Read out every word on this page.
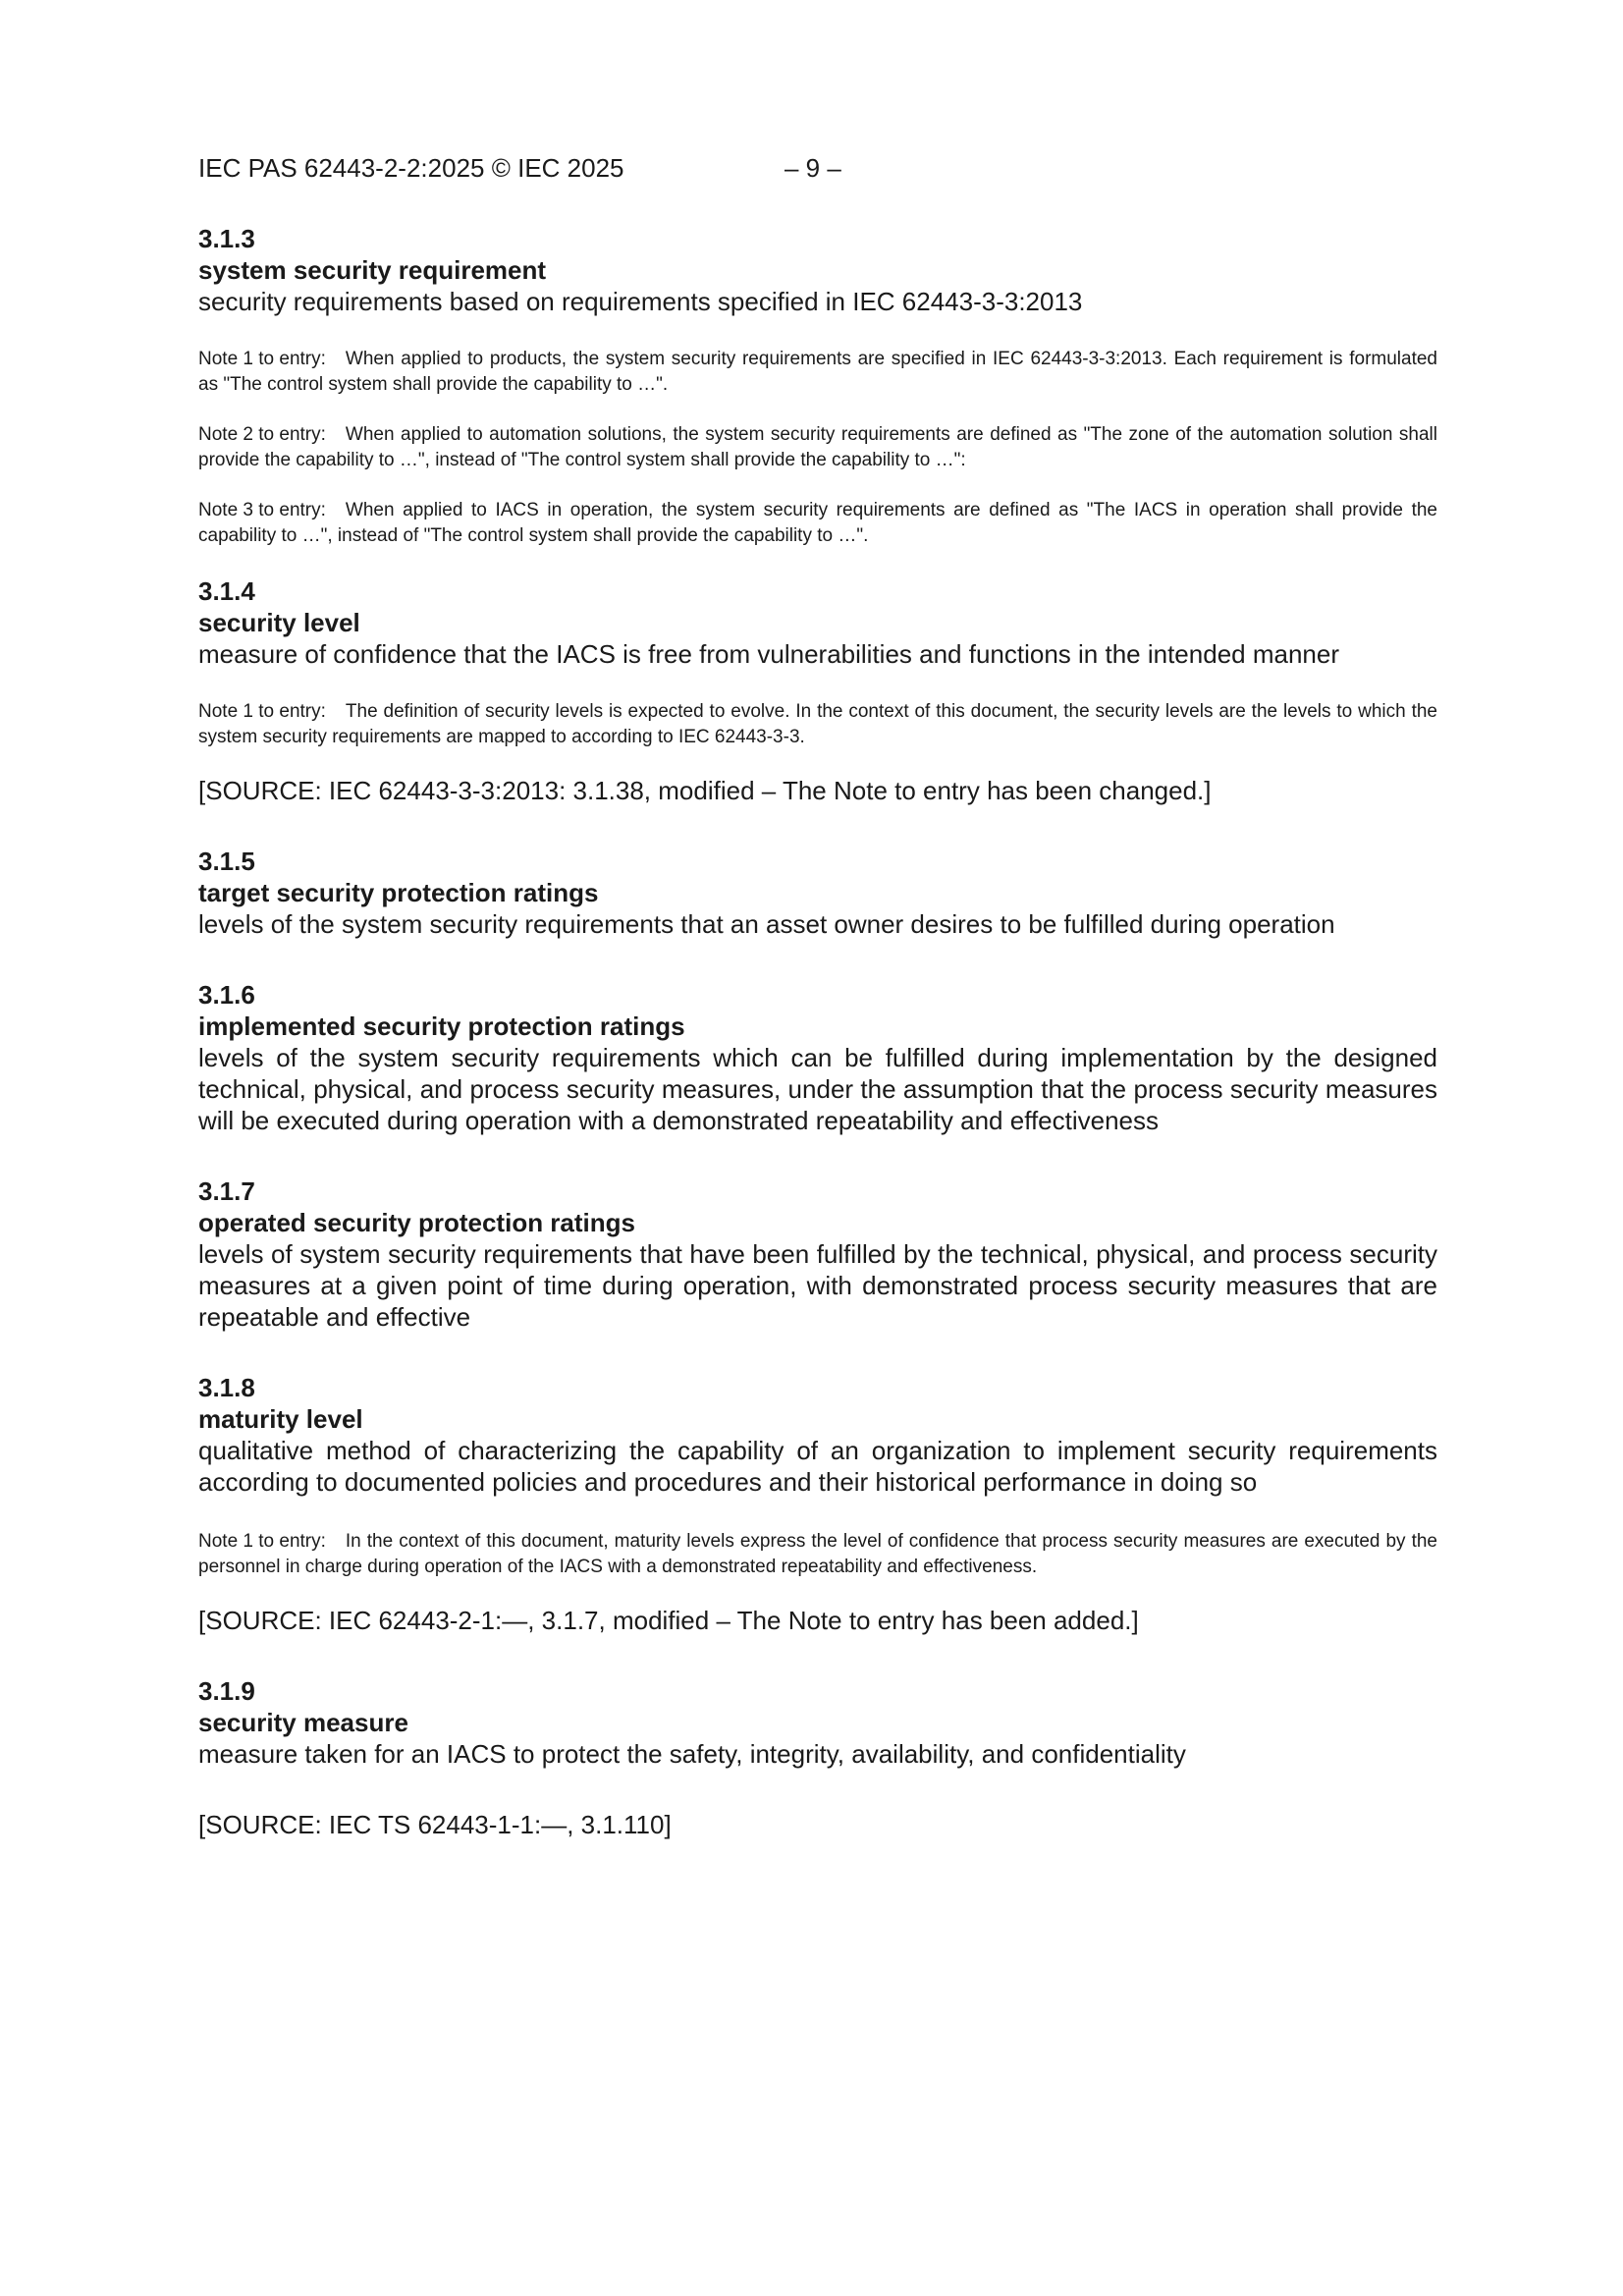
IEC PAS 62443-2-2:2025 © IEC 2025	– 9 –
3.1.3
system security requirement
security requirements based on requirements specified in IEC 62443-3-3:2013
Note 1 to entry: When applied to products, the system security requirements are specified in IEC 62443-3-3:2013. Each requirement is formulated as "The control system shall provide the capability to …".
Note 2 to entry: When applied to automation solutions, the system security requirements are defined as "The zone of the automation solution shall provide the capability to …", instead of "The control system shall provide the capability to …":
Note 3 to entry: When applied to IACS in operation, the system security requirements are defined as "The IACS in operation shall provide the capability to …", instead of "The control system shall provide the capability to …".
3.1.4
security level
measure of confidence that the IACS is free from vulnerabilities and functions in the intended manner
Note 1 to entry: The definition of security levels is expected to evolve. In the context of this document, the security levels are the levels to which the system security requirements are mapped to according to IEC 62443-3-3.
[SOURCE: IEC 62443-3-3:2013: 3.1.38, modified – The Note to entry has been changed.]
3.1.5
target security protection ratings
levels of the system security requirements that an asset owner desires to be fulfilled during operation
3.1.6
implemented security protection ratings
levels of the system security requirements which can be fulfilled during implementation by the designed technical, physical, and process security measures, under the assumption that the process security measures will be executed during operation with a demonstrated repeatability and effectiveness
3.1.7
operated security protection ratings
levels of system security requirements that have been fulfilled by the technical, physical, and process security measures at a given point of time during operation, with demonstrated process security measures that are repeatable and effective
3.1.8
maturity level
qualitative method of characterizing the capability of an organization to implement security requirements according to documented policies and procedures and their historical performance in doing so
Note 1 to entry: In the context of this document, maturity levels express the level of confidence that process security measures are executed by the personnel in charge during operation of the IACS with a demonstrated repeatability and effectiveness.
[SOURCE: IEC 62443-2-1:—, 3.1.7, modified – The Note to entry has been added.]
3.1.9
security measure
measure taken for an IACS to protect the safety, integrity, availability, and confidentiality
[SOURCE: IEC TS 62443-1-1:—, 3.1.110]
